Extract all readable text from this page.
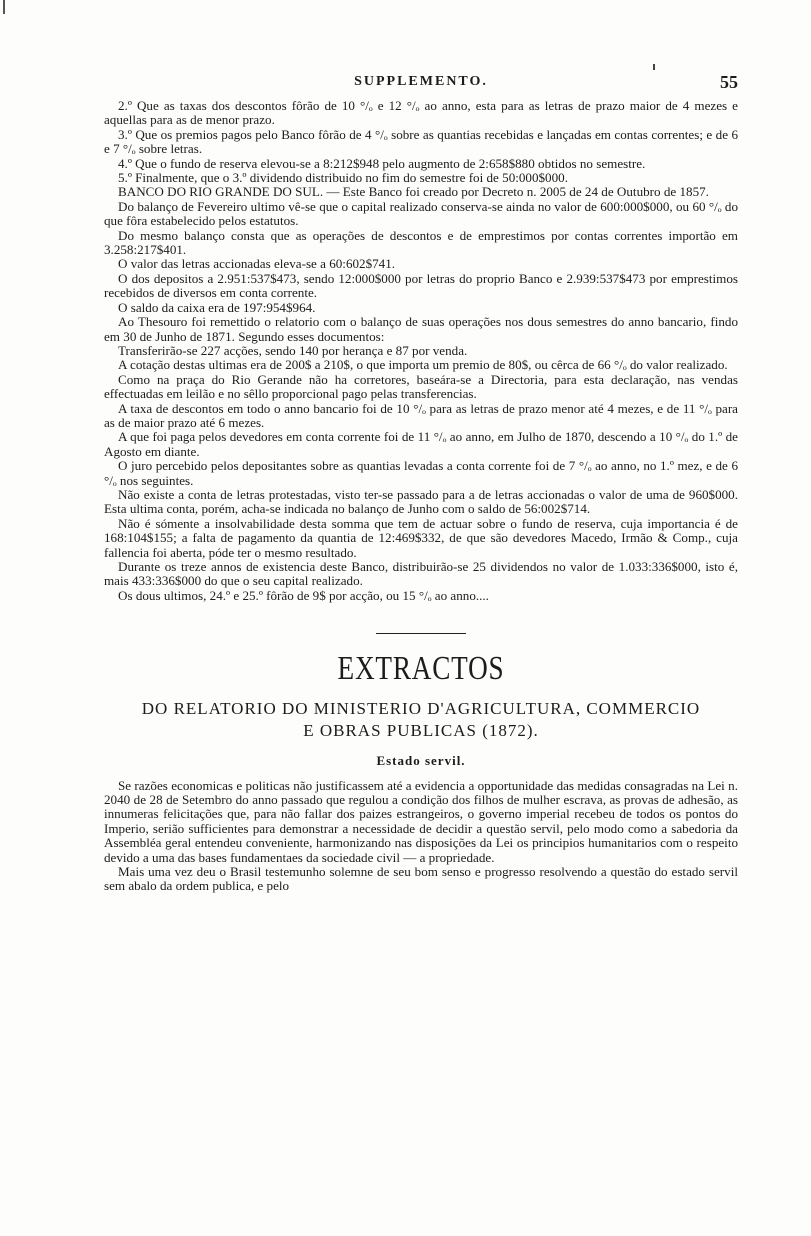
SUPPLEMENTO.	55

2.º Que as taxas dos descontos fôrão de 10 °/ₒ e 12 °/ₒ ao anno, esta para as letras de prazo maior de 4 mezes e aquellas para as de menor prazo.

3.º Que os premios pagos pelo Banco fôrão de 4 °/ₒ sobre as quantias recebidas e lançadas em contas correntes; e de 6 e 7 °/ₒ sobre letras.

4.º Que o fundo de reserva elevou-se a 8:212$948 pelo augmento de 2:658$880 obtidos no semestre.

5.º Finalmente, que o 3.º dividendo distribuido no fim do semestre foi de 50:000$000.

BANCO DO RIO GRANDE DO SUL. — Este Banco foi creado por Decreto n. 2005 de 24 de Outubro de 1857.

Do balanço de Fevereiro ultimo vê-se que o capital realizado conserva-se ainda no valor de 600:000$000, ou 60 °/ₒ do que fôra estabelecido pelos estatutos.

Do mesmo balanço consta que as operações de descontos e de emprestimos por contas correntes importão em 3.258:217$401.

O valor das letras accionadas eleva-se a 60:602$741.

O dos depositos a 2.951:537$473, sendo 12:000$000 por letras do proprio Banco e 2.939:537$473 por emprestimos recebidos de diversos em conta corrente.

O saldo da caixa era de 197:954$964.

Ao Thesouro foi remettido o relatorio com o balanço de suas operações nos dous semestres do anno bancario, findo em 30 de Junho de 1871. Segundo esses documentos:

Transferirão-se 227 acções, sendo 140 por herança e 87 por venda.

A cotação destas ultimas era de 200$ a 210$, o que importa um premio de 80$, ou cêrca de 66 °/ₒ do valor realizado.

Como na praça do Rio Gerande não ha corretores, baseára-se a Directoria, para esta declaração, nas vendas effectuadas em leilão e no sêllo proporcional pago pelas transferencias.

A taxa de descontos em todo o anno bancario foi de 10 °/ₒ para as letras de prazo menor até 4 mezes, e de 11 °/ₒ para as de maior prazo até 6 mezes.

A que foi paga pelos devedores em conta corrente foi de 11 °/ₒ ao anno, em Julho de 1870, descendo a 10 °/ₒ do 1.º de Agosto em diante.

O juro percebido pelos depositantes sobre as quantias levadas a conta corrente foi de 7 °/ₒ ao anno, no 1.º mez, e de 6 °/ₒ nos seguintes.

Não existe a conta de letras protestadas, visto ter-se passado para a de letras accionadas o valor de uma de 960$000. Esta ultima conta, porém, acha-se indicada no balanço de Junho com o saldo de 56:002$714.

Não é sómente a insolvabilidade desta somma que tem de actuar sobre o fundo de reserva, cuja importancia é de 168:104$155; a falta de pagamento da quantia de 12:469$332, de que são devedores Macedo, Irmão & Comp., cuja fallencia foi aberta, póde ter o mesmo resultado.

Durante os treze annos de existencia deste Banco, distribuirão-se 25 dividendos no valor de 1.033:336$000, isto é, mais 433:336$000 do que o seu capital realizado.

Os dous ultimos, 24.º e 25.º fôrão de 9$ por acção, ou 15 °/ₒ ao anno....

EXTRACTOS
DO RELATORIO DO MINISTERIO D'AGRICULTURA, COMMERCIO
E OBRAS PUBLICAS (1872).
Estado servil.

Se razões economicas e politicas não justificassem até a evidencia a opportunidade das medidas consagradas na Lei n. 2040 de 28 de Setembro do anno passado que regulou a condição dos filhos de mulher escrava, as provas de adhesão, as innumeras felicitações que, para não fallar dos paizes estrangeiros, o governo imperial recebeu de todos os pontos do Imperio, serião sufficientes para demonstrar a necessidade de decidir a questão servil, pelo modo como a sabedoria da Assembléa geral entendeu conveniente, harmonizando nas disposições da Lei os principios humanitarios com o respeito devido a uma das bases fundamentaes da sociedade civil — a propriedade.

Mais uma vez deu o Brasil testemunho solemne de seu bom senso e progresso resolvendo a questão do estado servil sem abalo da ordem publica, e pelo
